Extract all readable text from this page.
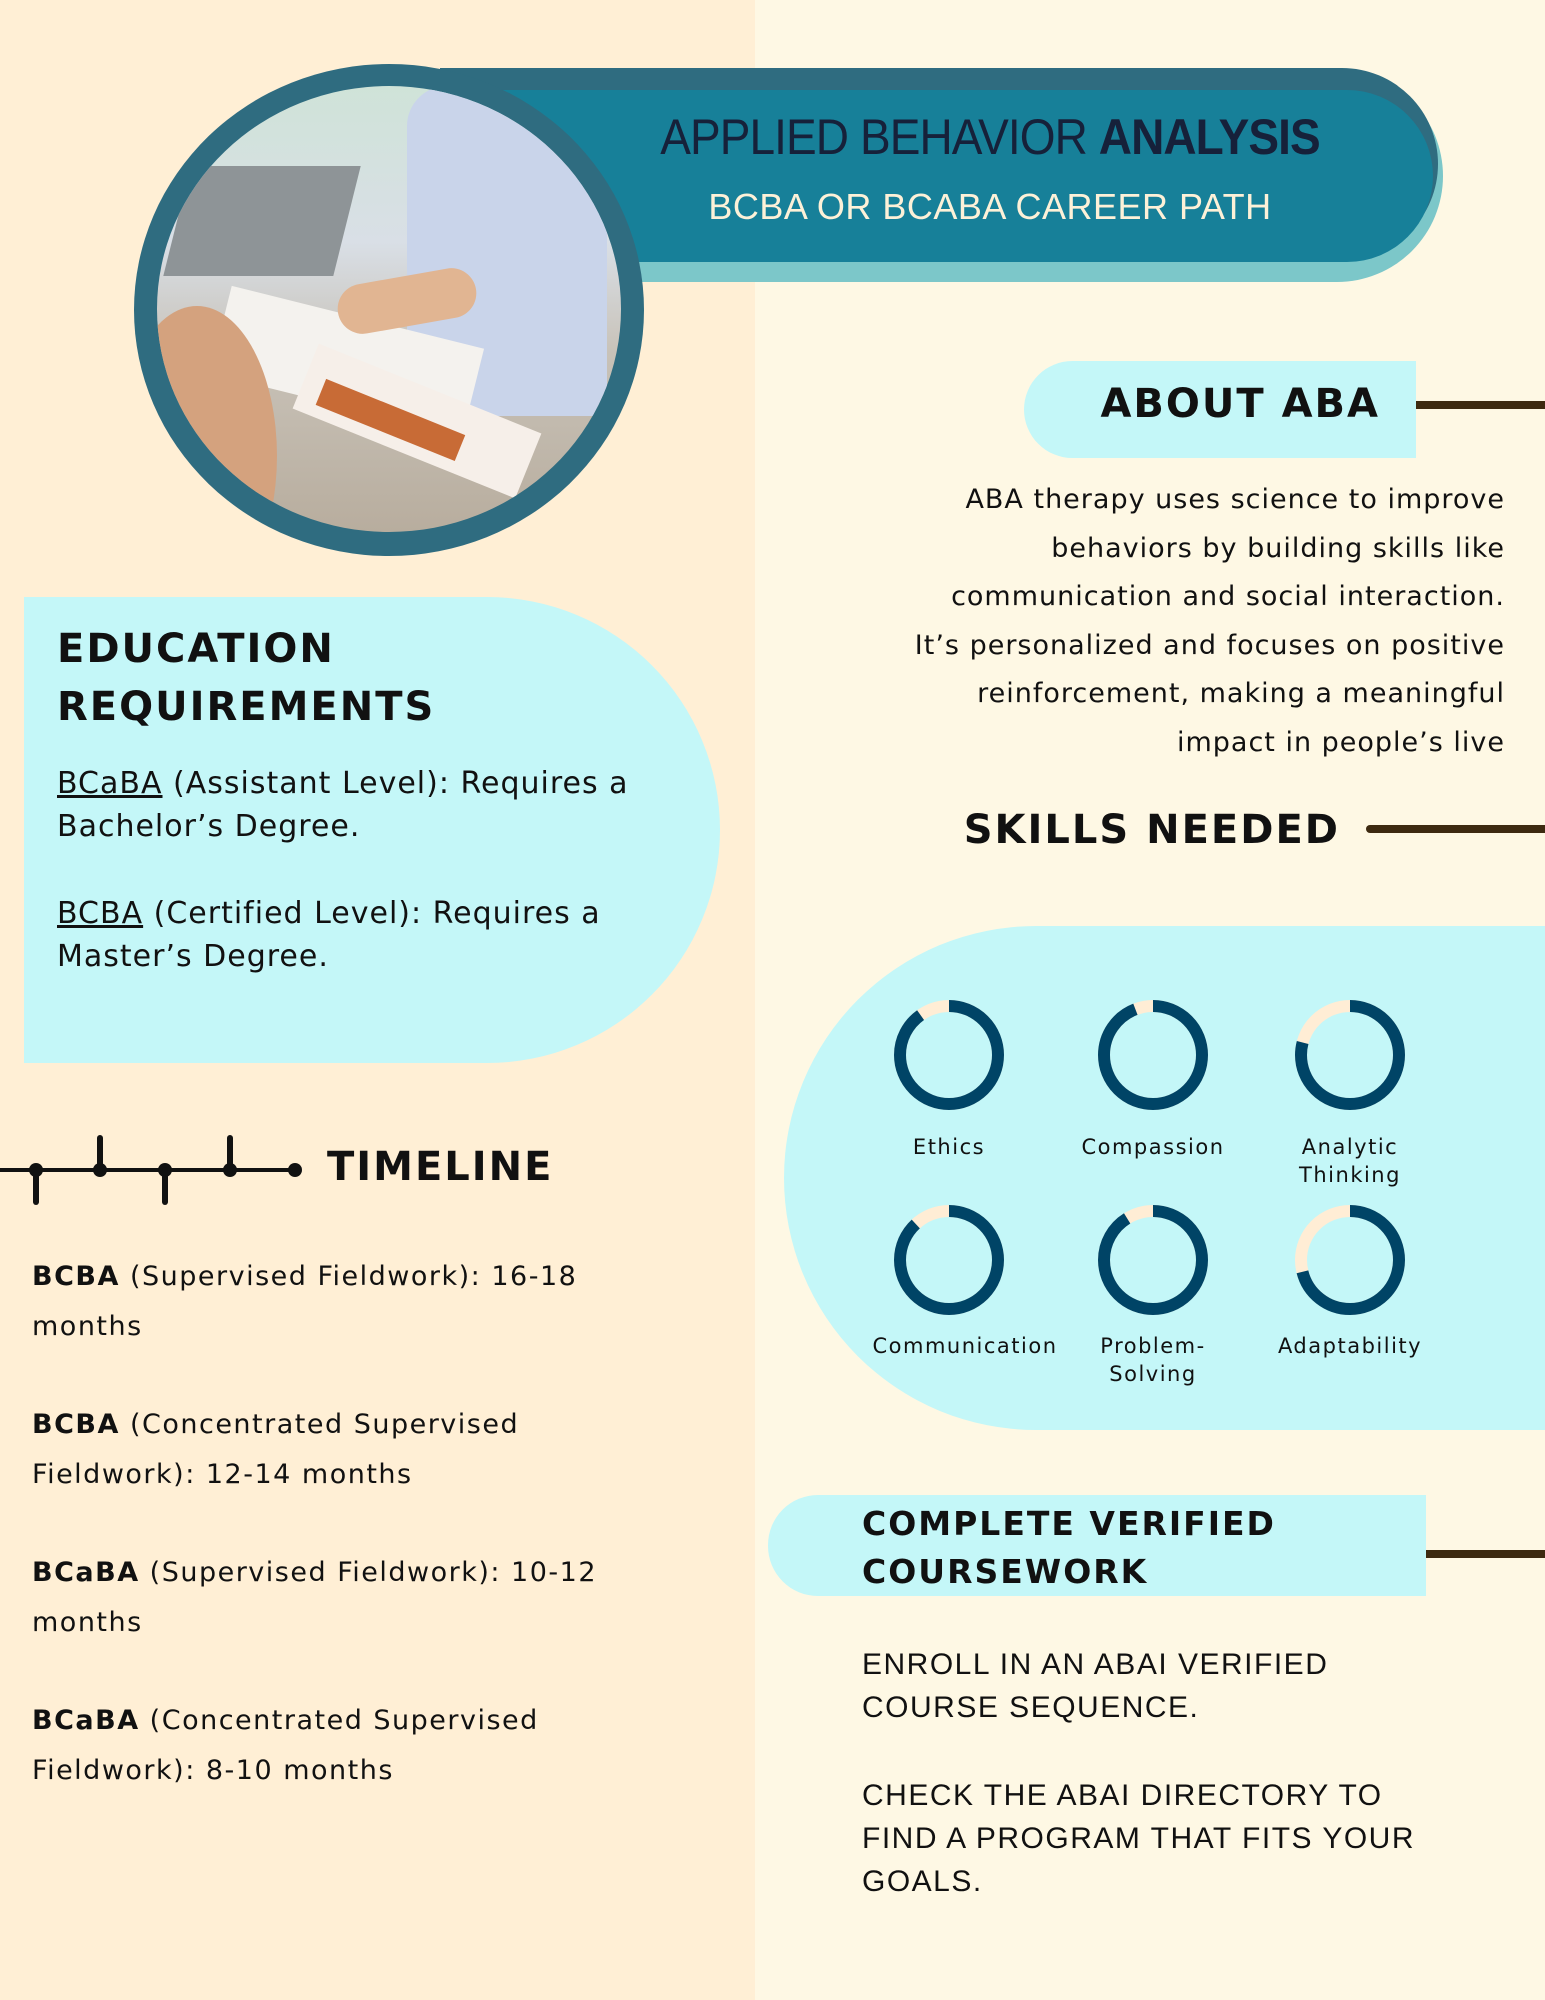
APPLIED BEHAVIOR ANALYSIS
BCBA OR BCABA CAREER PATH
EDUCATION
REQUIREMENTS
BCaBA (Assistant Level): Requires a Bachelor’s Degree.
BCBA (Certified Level): Requires a Master’s Degree.
TIMELINE
BCBA (Supervised Fieldwork): 16-18 months
BCBA (Concentrated Supervised Fieldwork): 12-14 months
BCaBA (Supervised Fieldwork): 10-12 months
BCaBA (Concentrated Supervised Fieldwork): 8-10 months
ABOUT ABA
ABA therapy uses science to improve
behaviors by building skills like
communication and social interaction.
It’s personalized and focuses on positive
reinforcement, making a meaningful
impact in people’s live
SKILLS NEEDED
Ethics	Compassion	Analytic
Thinking
Communication	Problem-
Solving
Adaptability
COMPLETE VERIFIED
COURSEWORK
ENROLL IN AN ABAI VERIFIED
COURSE SEQUENCE.
CHECK THE ABAI DIRECTORY TO
FIND A PROGRAM THAT FITS YOUR
GOALS.
